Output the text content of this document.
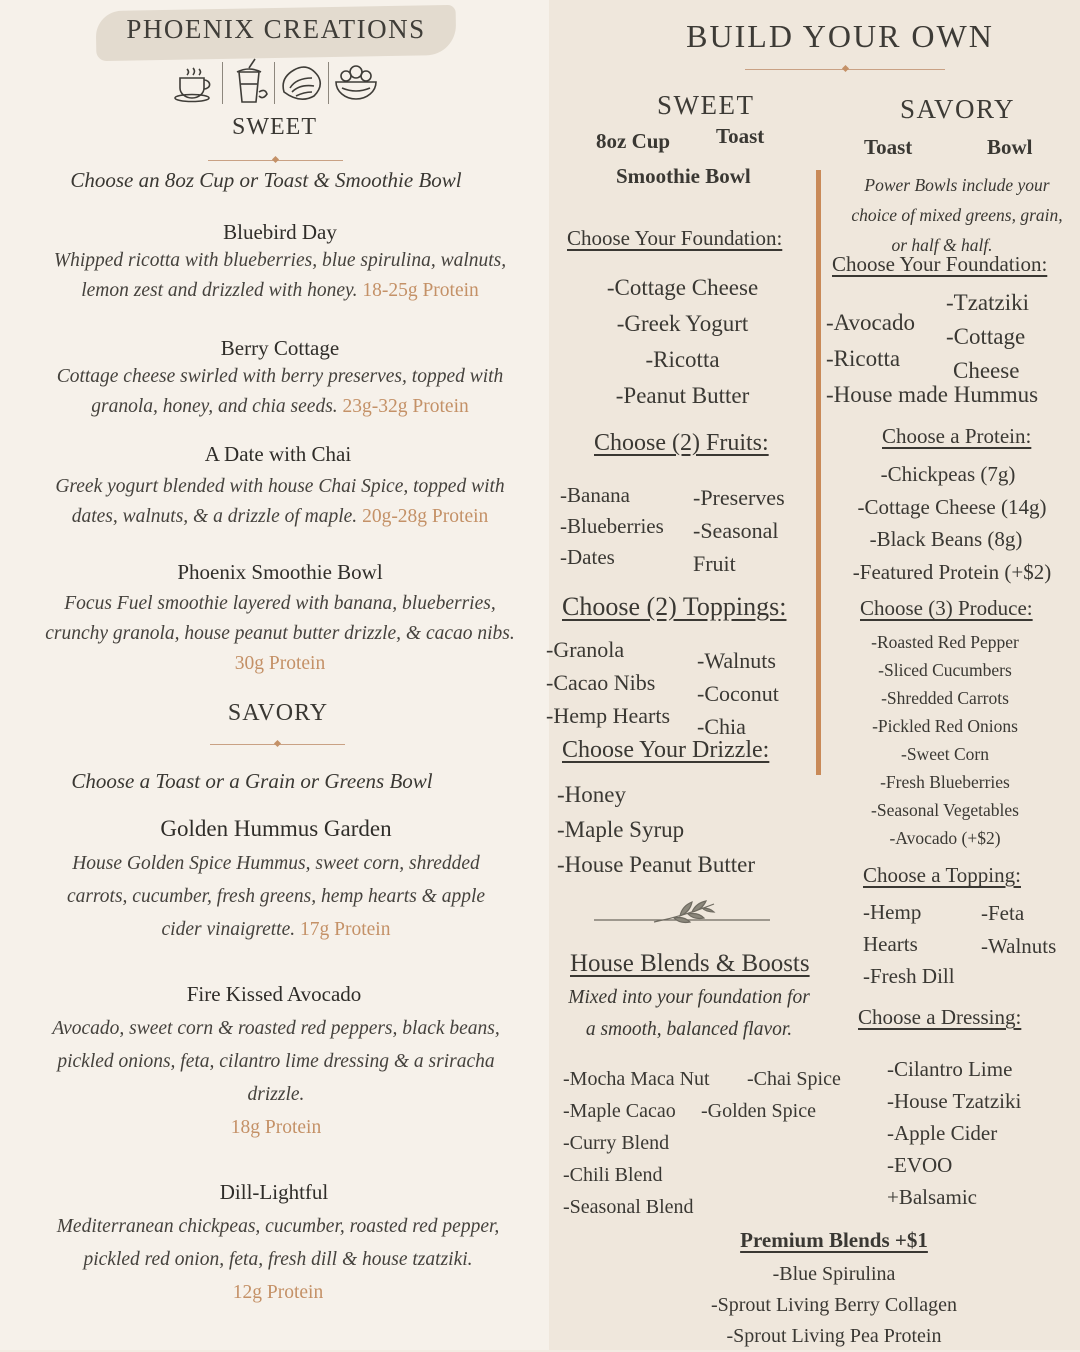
PHOENIX CREATIONS
SWEET
Choose an 8oz Cup or Toast & Smoothie Bowl
Bluebird Day
Whipped ricotta with blueberries, blue spirulina, walnuts,
lemon zest and drizzled with honey. 18-25g Protein
Berry Cottage
Cottage cheese swirled with berry preserves, topped with
granola, honey, and chia seeds. 23g-32g Protein
A Date with Chai
Greek yogurt blended with house Chai Spice, topped with
dates, walnuts, & a drizzle of maple. 20g-28g Protein
Phoenix Smoothie Bowl
Focus Fuel smoothie layered with banana, blueberries,
crunchy granola, house peanut butter drizzle, & cacao nibs.
30g Protein
SAVORY
Choose a Toast or a Grain or Greens Bowl
Golden Hummus Garden
House Golden Spice Hummus, sweet corn, shredded
carrots, cucumber, fresh greens, hemp hearts & apple
cider vinaigrette. 17g Protein
Fire Kissed Avocado
Avocado, sweet corn & roasted red peppers, black beans,
pickled onions, feta, cilantro lime dressing & a sriracha
drizzle.
18g Protein
Dill-Lightful
Mediterranean chickpeas, cucumber, roasted red pepper,
pickled red onion, feta, fresh dill & house tzatziki.
12g Protein
BUILD YOUR OWN
SWEET
8oz Cup Toast
Smoothie Bowl
Choose Your Foundation:
-Cottage Cheese
-Greek Yogurt
-Ricotta
-Peanut Butter
Choose (2) Fruits:
-Banana
-Blueberries
-Dates
-Preserves
-Seasonal
Fruit
Choose (2) Toppings:
-Granola
-Cacao Nibs
-Hemp Hearts
-Walnuts
-Coconut
-Chia
Choose Your Drizzle:
-Honey
-Maple Syrup
-House Peanut Butter
House Blends & Boosts
Mixed into your foundation for
a smooth, balanced flavor.
-Mocha Maca Nut
-Maple Cacao
-Curry Blend
-Chili Blend
-Seasonal Blend
-Chai Spice
-Golden Spice
SAVORY
Toast	Bowl
Power Bowls include your
choice of mixed greens, grain,
or half & half.
Choose Your Foundation:
-Avocado
-Ricotta
-Tzatziki
-Cottage
Cheese
-House made Hummus
Choose a Protein:
-Chickpeas (7g)
-Cottage Cheese (14g)
-Black Beans (8g)
-Featured Protein (+$2)
Choose (3) Produce:
-Roasted Red Pepper
-Sliced Cucumbers
-Shredded Carrots
-Pickled Red Onions
-Sweet Corn
-Fresh Blueberries
-Seasonal Vegetables
-Avocado (+$2)
Choose a Topping:
-Hemp
Hearts
-Fresh Dill
-Feta
-Walnuts
Choose a Dressing:
-Cilantro Lime
-House Tzatziki
-Apple Cider
-EVOO
+Balsamic
Premium Blends +$1
-Blue Spirulina
-Sprout Living Berry Collagen
-Sprout Living Pea Protein
